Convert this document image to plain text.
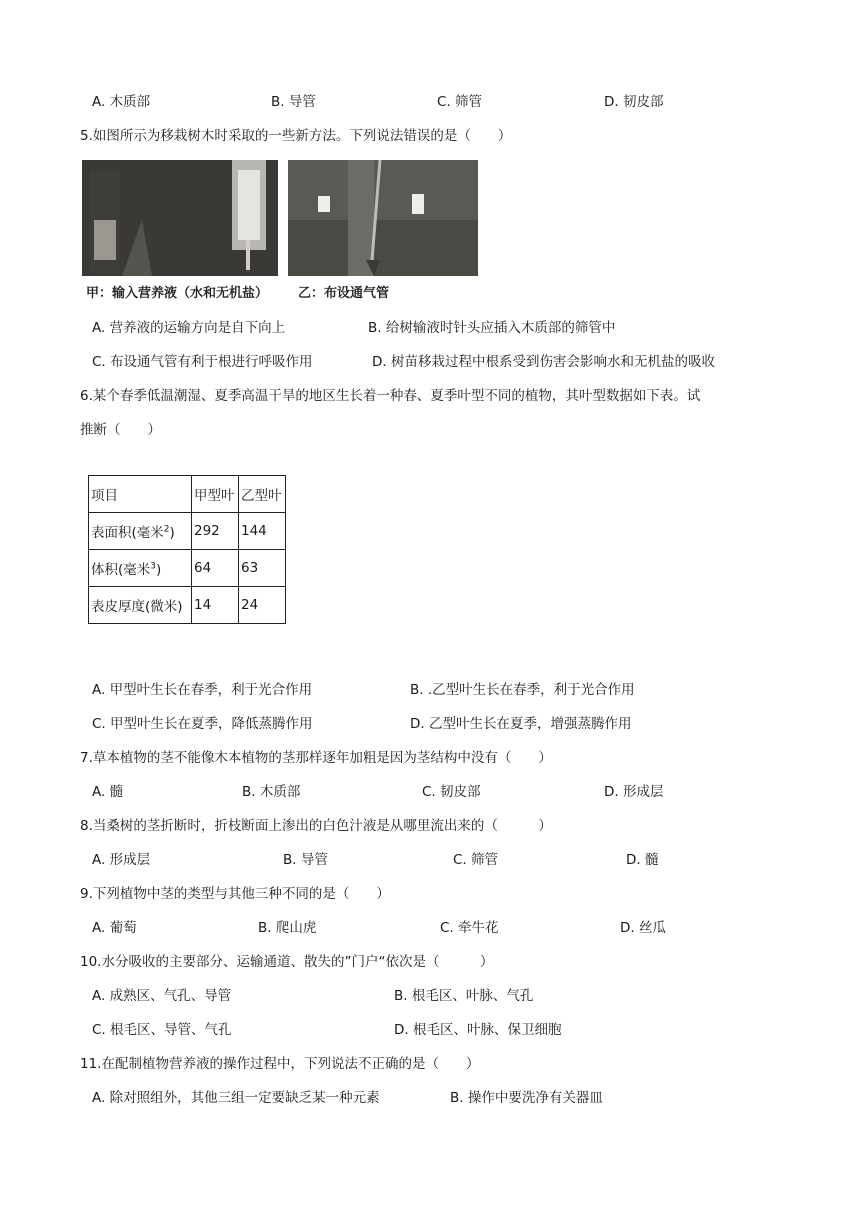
A. 木质部	B. 导管	C. 筛管	D. 韧皮部
5.如图所示为移栽树木时采取的一些新方法。下列说法错误的是（　　）
甲：输入营养液（水和无机盐） 乙：布设通气管
A. 营养液的运输方向是自下向上	B. 给树输液时针头应插入木质部的筛管中
C. 布设通气管有利于根进行呼吸作用	D. 树苗移栽过程中根系受到伤害会影响水和无机盐的吸收
6.某个春季低温潮湿、夏季高温干旱的地区生长着一种春、夏季叶型不同的植物，其叶型数据如下表。试
推断（　　）
项目	甲型叶	乙型叶
表面积(毫米$^2$)	292	144
体积(毫米$^3$)	64	63
表皮厚度(微米)	14	24
A. 甲型叶生长在春季，利于光合作用	B. .乙型叶生长在春季，利于光合作用
C. 甲型叶生长在夏季，降低蒸腾作用	D. 乙型叶生长在夏季，增强蒸腾作用
7.草本植物的茎不能像木本植物的茎那样逐年加粗是因为茎结构中没有（　　）
A. 髓	B. 木质部	C. 韧皮部	D. 形成层
8.当桑树的茎折断时，折枝断面上渗出的白色汁液是从哪里流出来的（　　　）
A. 形成层	B. 导管	C. 筛管	D. 髓
9.下列植物中茎的类型与其他三种不同的是（　　）
A. 葡萄	B. 爬山虎	C. 牵牛花	D. 丝瓜
10.水分吸收的主要部分、运输通道、散失的”门户“依次是（　　　）
A. 成熟区、气孔、导管	B. 根毛区、叶脉、气孔
C. 根毛区、导管、气孔	D. 根毛区、叶脉、保卫细胞
11.在配制植物营养液的操作过程中，下列说法不正确的是（　　）
A. 除对照组外，其他三组一定要缺乏某一种元素	B. 操作中要洗净有关器皿
